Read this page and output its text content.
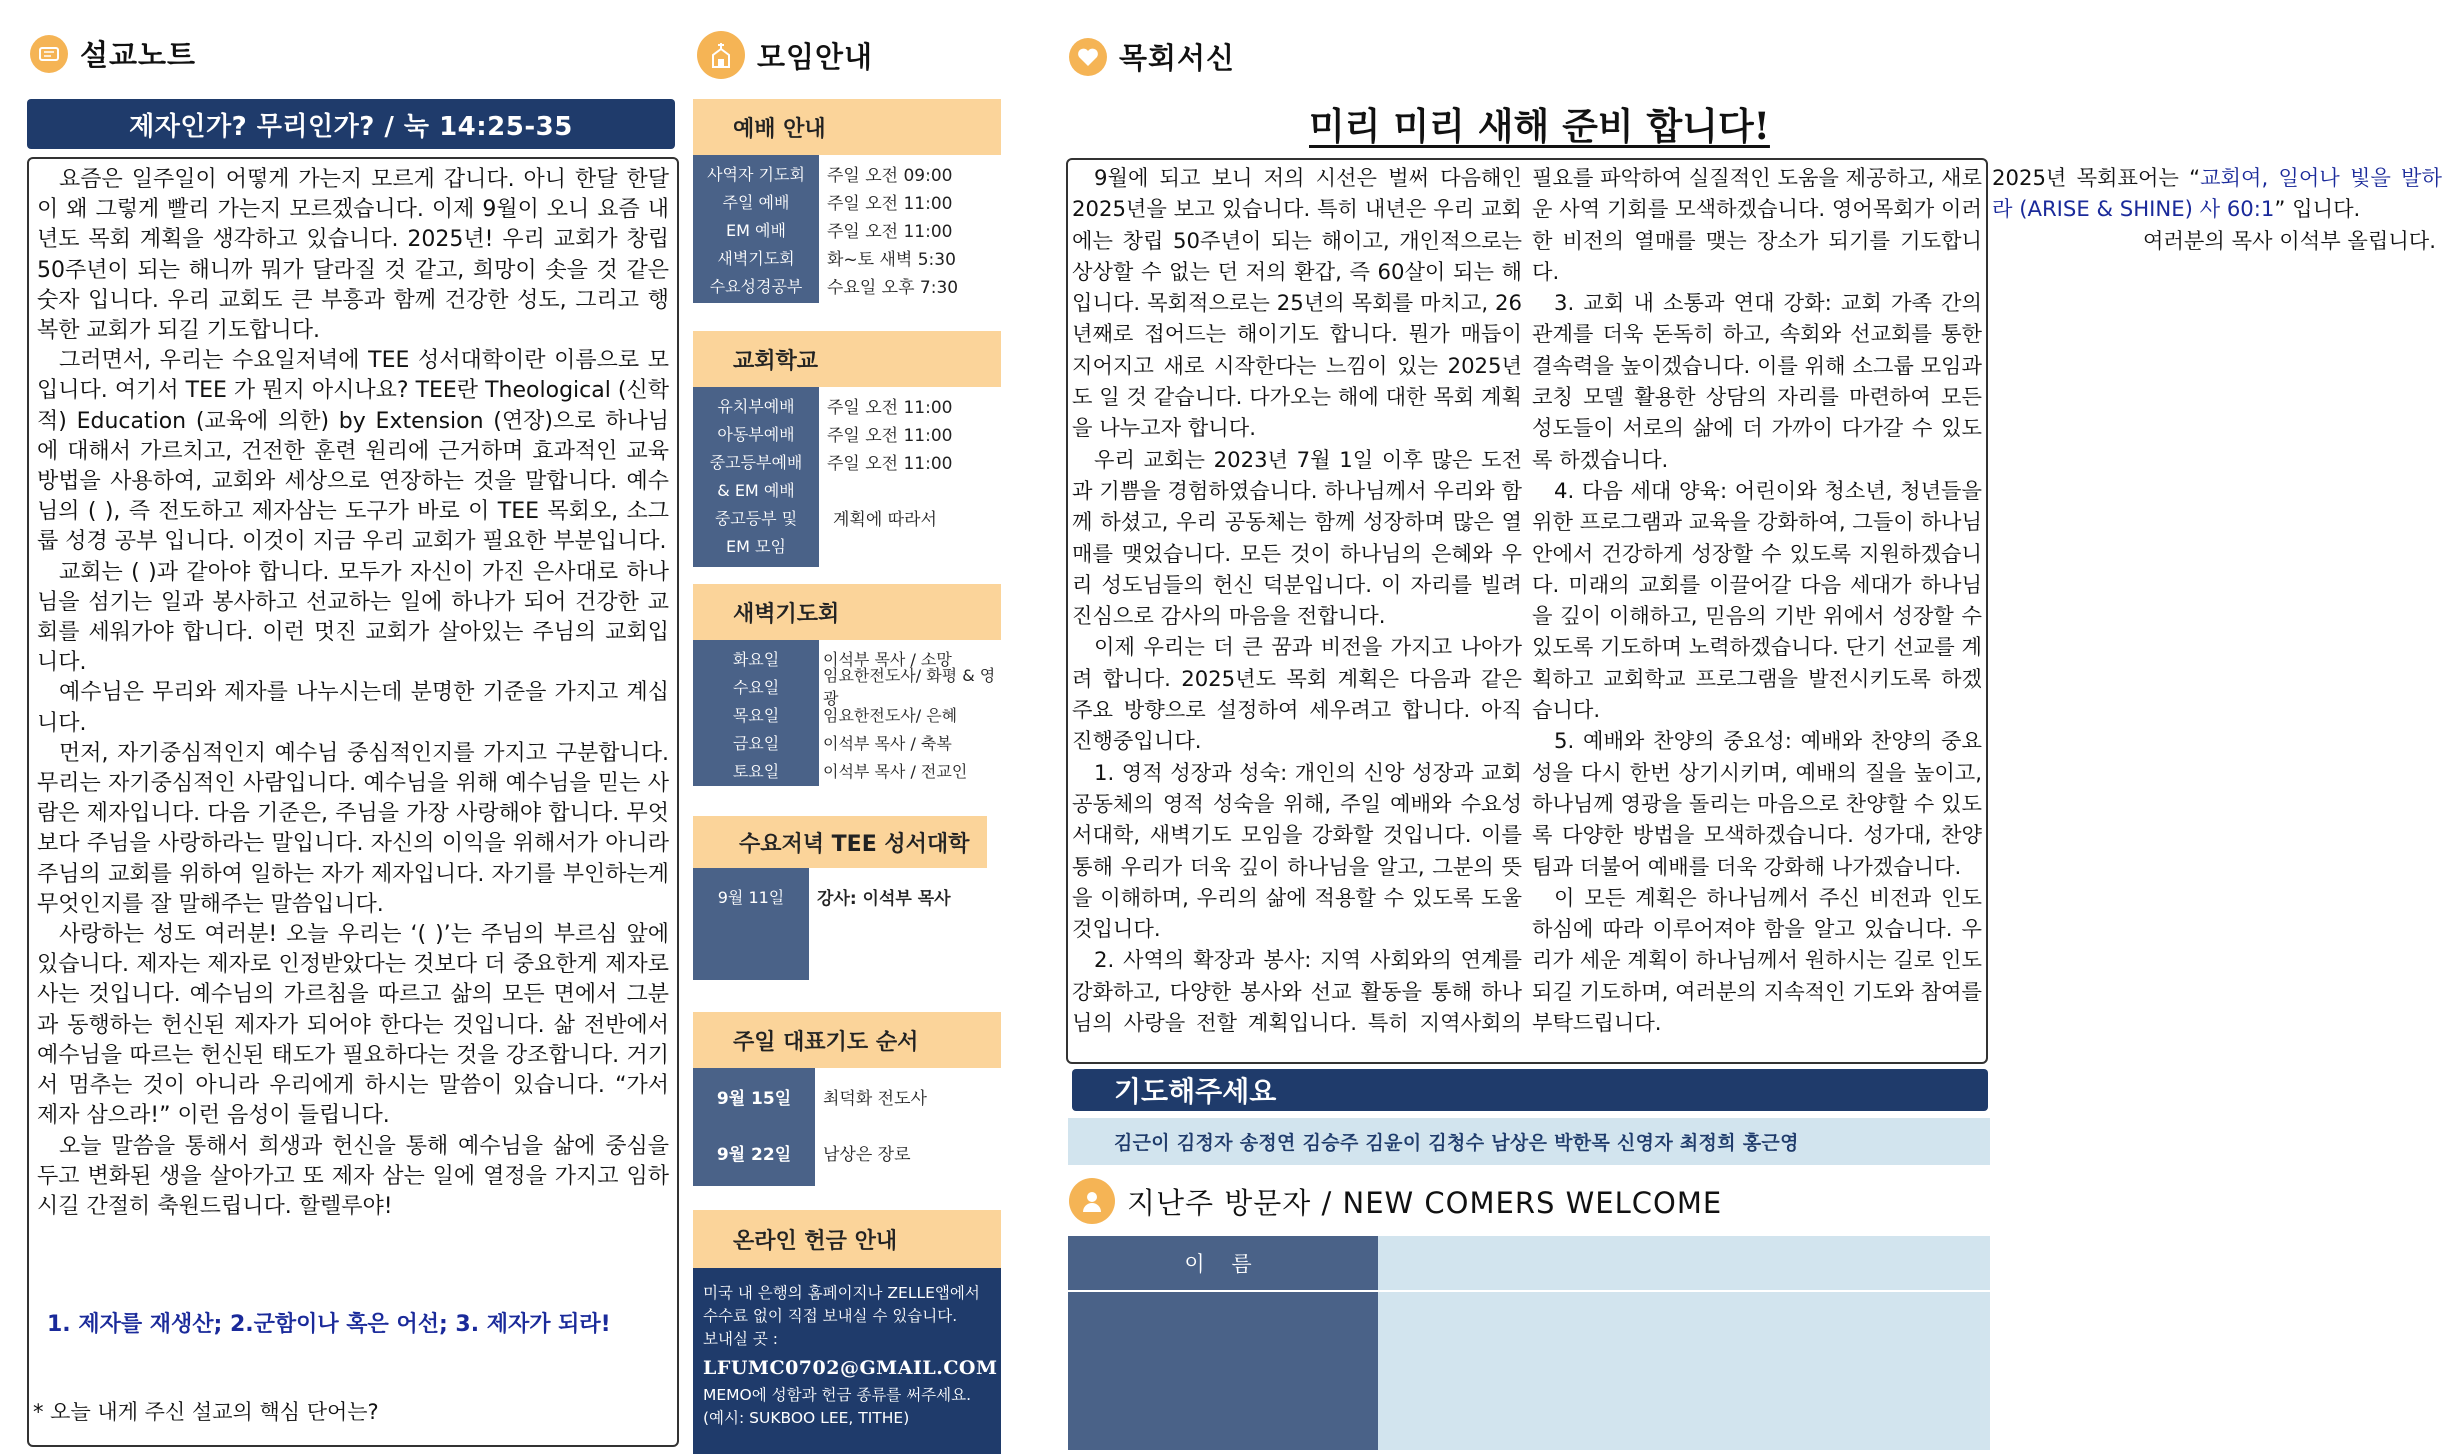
설교노트
제자인가? 무리인가? / 눅 14:25-35

요즘은 일주일이 어떻게 가는지 모르게 갑니다. 아니 한달 한달이 왜 그렇게 빨리 가는지 모르겠습니다. 이제 9월이 오니 요즘 내년도 목회 계획을 생각하고 있습니다. 2025년! 우리 교회가 창립 50주년이 되는 해니까 뭐가 달라질 것 같고, 희망이 솟을 것 같은 숫자 입니다. 우리 교회도 큰 부흥과 함께 건강한 성도, 그리고 행복한 교회가 되길 기도합니다.

그러면서, 우리는 수요일저녁에 TEE 성서대학이란 이름으로 모입니다. 여기서 TEE 가 뭔지 아시나요? TEE란 Theological (신학적) Education (교육에 의한) by Extension (연장)으로 하나님에 대해서 가르치고, 건전한 훈련 원리에 근거하며 효과적인 교육방법을 사용하여, 교회와 세상으로 연장하는 것을 말합니다. 예수님의 ( ), 즉 전도하고 제자삼는 도구가 바로 이 TEE 목회오, 소그룹 성경 공부 입니다. 이것이 지금 우리 교회가 필요한 부분입니다.

교회는 ( )과 같아야 합니다. 모두가 자신이 가진 은사대로 하나님을 섬기는 일과 봉사하고 선교하는 일에 하나가 되어 건강한 교회를 세워가야 합니다. 이런 멋진 교회가 살아있는 주님의 교회입니다.

예수님은 무리와 제자를 나누시는데 분명한 기준을 가지고 계십니다.

먼저, 자기중심적인지 예수님 중심적인지를 가지고 구분합니다. 무리는 자기중심적인 사람입니다. 예수님을 위해 예수님을 믿는 사람은 제자입니다. 다음 기준은, 주님을 가장 사랑해야 합니다. 무엇보다 주님을 사랑하라는 말입니다. 자신의 이익을 위해서가 아니라 주님의 교회를 위하여 일하는 자가 제자입니다. 자기를 부인하는게 무엇인지를 잘 말해주는 말씀입니다.

사랑하는 성도 여러분! 오늘 우리는 ‘( )’는 주님의 부르심 앞에 있습니다. 제자는 제자로 인정받았다는 것보다 더 중요한게 제자로 사는 것입니다. 예수님의 가르침을 따르고 삶의 모든 면에서 그분과 동행하는 헌신된 제자가 되어야 한다는 것입니다. 삶 전반에서 예수님을 따르는 헌신된 태도가 필요하다는 것을 강조합니다. 거기서 멈추는 것이 아니라 우리에게 하시는 말씀이 있습니다. “가서 제자 삼으라!” 이런 음성이 들립니다.

오늘 말씀을 통해서 희생과 헌신을 통해 예수님을 삶에 중심을 두고 변화된 생을 살아가고 또 제자 삼는 일에 열정을 가지고 임하시길 간절히 축원드립니다. 할렐루야!

1. 제자를 재생산; 2.군함이나 혹은 어선; 3. 제자가 되라!
* 오늘 내게 주신 설교의 핵심 단어는?
모임안내
예배 안내
사역자 기도회
주일 예배
EM 예배
새벽기도회
수요성경공부
주일 오전 09:00
주일 오전 11:00
주일 오전 11:00
화~토 새벽 5:30
수요일 오후 7:30
교회학교
유치부예배
아동부예배
중고등부예배
& EM 예배
중고등부 및
EM 모임
주일 오전 11:00
주일 오전 11:00
주일 오전 11:00
계획에 따라서
새벽기도회
화요일
수요일
목요일
금요일
토요일
이석부 목사 / 소망
임요한전도사/ 화평 & 영광
임요한전도사/ 은혜
이석부 목사 / 축복
이석부 목사 / 전교인
수요저녁 TEE 성서대학
9월 11일	강사: 이석부 목사
주일 대표기도 순서
9월 15일
9월 22일
최덕화 전도사
남상은 장로
온라인 헌금 안내
미국 내 은행의 홈페이지나 ZELLE앱에서 수수료 없이 직접 보내실 수 있습니다.
보내실 곳 :
LFUMC0702@GMAIL.COM
MEMO에 성함과 헌금 종류를 써주세요.
(예시: SUKBOO LEE, TITHE)
목회서신
미리 미리 새해 준비 합니다!

9월에 되고 보니 저의 시선은 벌써 다음해인 2025년을 보고 있습니다. 특히 내년은 우리 교회에는 창립 50주년이 되는 해이고, 개인적으로는 상상할 수 없는 던 저의 환갑, 즉 60살이 되는 해입니다. 목회적으로는 25년의 목회를 마치고, 26년째로 접어드는 해이기도 합니다. 뭔가 매듭이 지어지고 새로 시작한다는 느낌이 있는 2025년도 일 것 같습니다. 다가오는 해에 대한 목회 계획을 나누고자 합니다.

우리 교회는 2023년 7월 1일 이후 많은 도전과 기쁨을 경험하였습니다. 하나님께서 우리와 함께 하셨고, 우리 공동체는 함께 성장하며 많은 열매를 맺었습니다. 모든 것이 하나님의 은혜와 우리 성도님들의 헌신 덕분입니다. 이 자리를 빌려 진심으로 감사의 마음을 전합니다.

이제 우리는 더 큰 꿈과 비전을 가지고 나아가려 합니다. 2025년도 목회 계획은 다음과 같은 주요 방향으로 설정하여 세우려고 합니다. 아직 진행중입니다.

1. 영적 성장과 성숙: 개인의 신앙 성장과 교회 공동체의 영적 성숙을 위해, 주일 예배와 수요성서대학, 새벽기도 모임을 강화할 것입니다. 이를 통해 우리가 더욱 깊이 하나님을 알고, 그분의 뜻을 이해하며, 우리의 삶에 적용할 수 있도록 도울 것입니다.

2. 사역의 확장과 봉사: 지역 사회와의 연계를 강화하고, 다양한 봉사와 선교 활동을 통해 하나님의 사랑을 전할 계획입니다. 특히 지역사회의 필요를 파악하여 실질적인 도움을 제공하고, 새로운 사역 기회를 모색하겠습니다. 영어목회가 이러한 비전의 열매를 맺는 장소가 되기를 기도합니다.

3. 교회 내 소통과 연대 강화: 교회 가족 간의 관계를 더욱 돈독히 하고, 속회와 선교회를 통한 결속력을 높이겠습니다. 이를 위해 소그룹 모임과 코칭 모델 활용한 상담의 자리를 마련하여 모든 성도들이 서로의 삶에 더 가까이 다가갈 수 있도록 하겠습니다.

4. 다음 세대 양육: 어린이와 청소년, 청년들을 위한 프로그램과 교육을 강화하여, 그들이 하나님 안에서 건강하게 성장할 수 있도록 지원하겠습니다. 미래의 교회를 이끌어갈 다음 세대가 하나님을 깊이 이해하고, 믿음의 기반 위에서 성장할 수 있도록 기도하며 노력하겠습니다. 단기 선교를 계획하고 교회학교 프로그램을 발전시키도록 하겠습니다.

5. 예배와 찬양의 중요성: 예배와 찬양의 중요성을 다시 한번 상기시키며, 예배의 질을 높이고, 하나님께 영광을 돌리는 마음으로 찬양할 수 있도록 다양한 방법을 모색하겠습니다. 성가대, 찬양팀과 더불어 예배를 더욱 강화해 나가겠습니다.

이 모든 계획은 하나님께서 주신 비전과 인도하심에 따라 이루어져야 함을 알고 있습니다. 우리가 세운 계획이 하나님께서 원하시는 길로 인도되길 기도하며, 여러분의 지속적인 기도와 참여를 부탁드립니다.

2025년 목회표어는 “교회여, 일어나 빛을 발하라 (ARISE & SHINE) 사 60:1” 입니다.

여러분의 목사 이석부 올립니다.

기도해주세요
김근이 김정자 송정연 김승주 김윤이 김청수 남상은 박한목 신영자 최정희 홍근영
지난주 방문자 / NEW COMERS WELCOME
이 름
